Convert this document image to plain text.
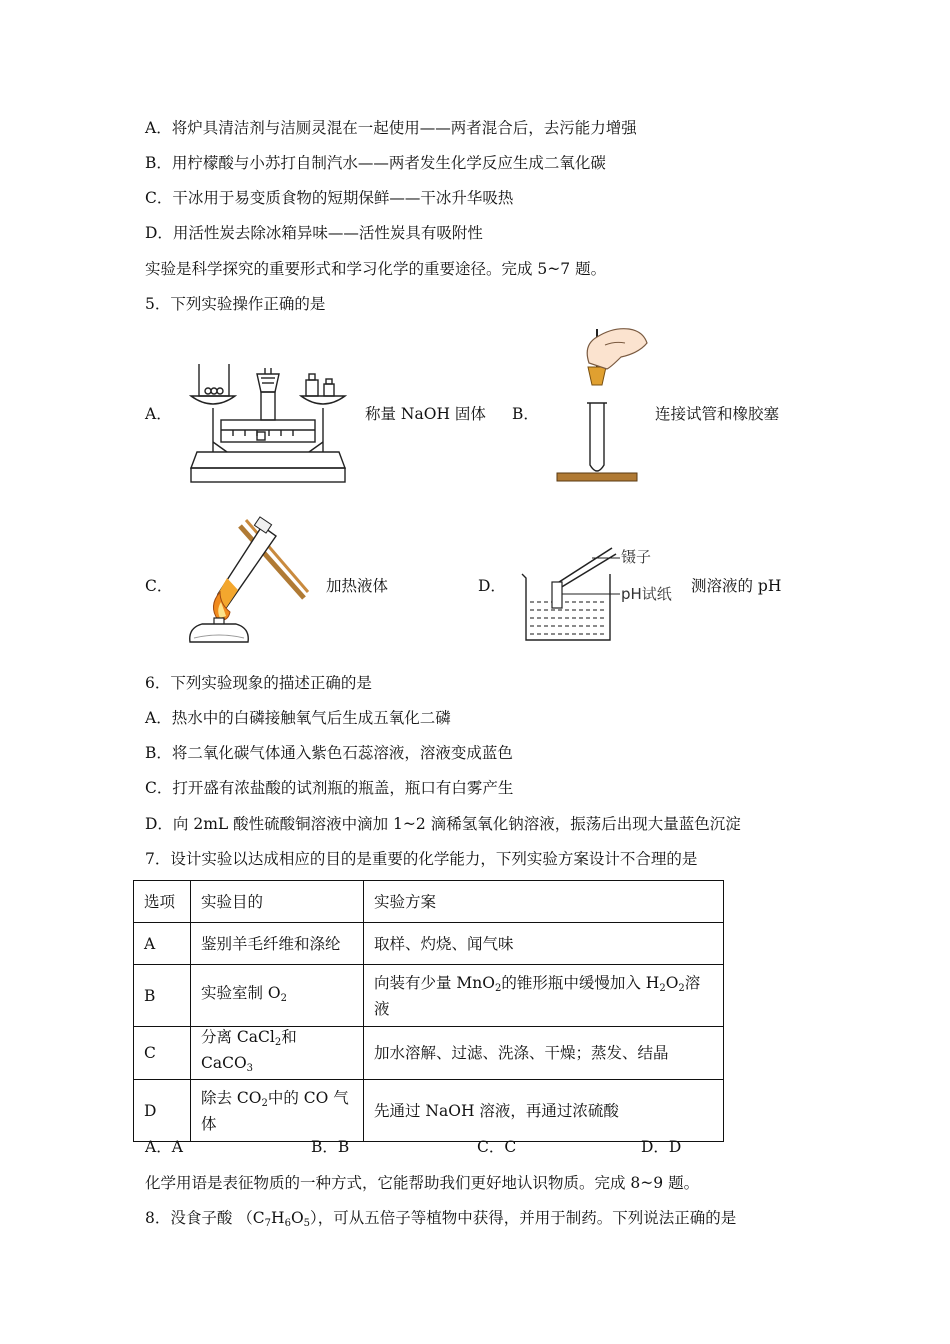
A．将炉具清洁剂与洁厕灵混在一起使用——两者混合后，去污能力增强
B．用柠檬酸与小苏打自制汽水——两者发生化学反应生成二氧化碳
C．干冰用于易变质食物的短期保鲜——干冰升华吸热
D．用活性炭去除冰箱异味——活性炭具有吸附性
实验是科学探究的重要形式和学习化学的重要途径。完成 5~7 题。
5．下列实验操作正确的是
A．	称量 NaOH 固体 B．	连接试管和橡胶塞
C．	加热液体	D．
镊子
pH试纸 测溶液的 pH
6．下列实验现象的描述正确的是
A．热水中的白磷接触氧气后生成五氧化二磷
B．将二氧化碳气体通入紫色石蕊溶液，溶液变成蓝色
C．打开盛有浓盐酸的试剂瓶的瓶盖，瓶口有白雾产生
D．向 2mL 酸性硫酸铜溶液中滴加 1~2 滴稀氢氧化钠溶液，振荡后出现大量蓝色沉淀
7．设计实验以达成相应的目的是重要的化学能力，下列实验方案设计不合理的是
选项	实验目的	实验方案
A	鉴别羊毛纤维和涤纶	取样、灼烧、闻气味
B	实验室制 $O_2$	向装有少量 MnO$_2$的锥形瓶中缓慢加入 $H_2O_2$溶液
C	分离 CaCl$_2$和 CaCO$_3$	加水溶解、过滤、洗涤、干燥；蒸发、结晶
D	除去 $CO_2$中的 CO 气体	先通过 NaOH 溶液，再通过浓硫酸
A．A	B．B	C．C	D．D
化学用语是表征物质的一种方式，它能帮助我们更好地认识物质。完成 8~9 题。
8．没食子酸 $(C_7H_6O_5)$，可从五倍子等植物中获得，并用于制药。下列说法正确的是
